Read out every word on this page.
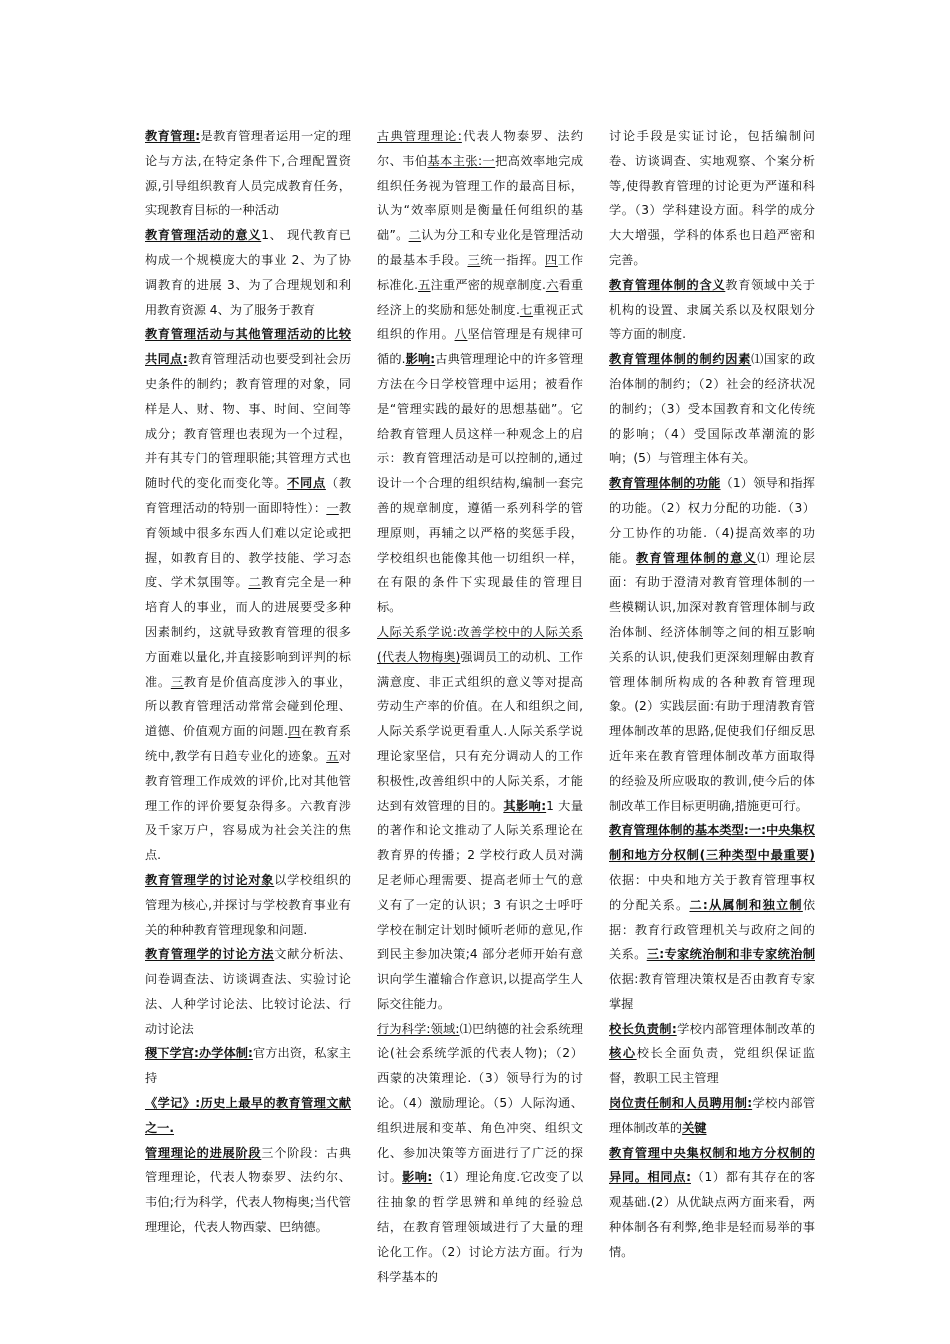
教育管理:是教育管理者运用一定的理论与方法,在特定条件下,合理配置资源,引导组织教育人员完成教育任务，实现教育目标的一种活动

教育管理活动的意义1、 现代教育已构成一个规模庞大的事业 2、为了协调教育的进展 3、为了合理规划和利用教育资源 4、为了服务于教育

教育管理活动与其他管理活动的比较共同点:教育管理活动也要受到社会历史条件的制约；教育管理的对象，同样是人、财、物、事、时间、空间等成分；教育管理也表现为一个过程，并有其专门的管理职能;其管理方式也随时代的变化而变化等。不同点（教育管理活动的特别一面即特性）：一教育领域中很多东西人们难以定论或把握，如教育目的、教学技能、学习态度、学术氛围等。二教育完全是一种培育人的事业，而人的进展要受多种因素制约，这就导致教育管理的很多方面难以量化,并直接影响到评判的标准。三教育是价值高度涉入的事业，所以教育管理活动常常会碰到伦理、道德、价值观方面的问题.四在教育系统中,教学有日趋专业化的迹象。五对教育管理工作成效的评价,比对其他管理工作的评价要复杂得多。六教育涉及千家万户，容易成为社会关注的焦点.

教育管理学的讨论对象以学校组织的管理为核心,并探讨与学校教育事业有关的种种教育管理现象和问题.

教育管理学的讨论方法文献分析法、问卷调查法、访谈调查法、实验讨论法、人种学讨论法、比较讨论法、行动讨论法

稷下学宫:办学体制:官方出资，私家主持

《学记》:历史上最早的教育管理文献之一.

管理理论的进展阶段三个阶段：古典管理理论，代表人物泰罗、法约尔、韦伯;行为科学，代表人物梅奥;当代管理理论，代表人物西蒙、巴纳德。

古典管理理论:代表人物泰罗、法约尔、韦伯基本主张:一把高效率地完成组织任务视为管理工作的最高目标，认为“效率原则是衡量任何组织的基础”。二认为分工和专业化是管理活动的最基本手段。三统一指挥。四工作标准化.五注重严密的规章制度.六看重经济上的奖励和惩处制度.七重视正式组织的作用。八坚信管理是有规律可循的.影响:古典管理理论中的许多管理方法在今日学校管理中运用；被看作是“管理实践的最好的思想基础”。它给教育管理人员这样一种观念上的启示：教育管理活动是可以控制的,通过设计一个合理的组织结构,编制一套完善的规章制度，遵循一系列科学的管理原则，再辅之以严格的奖惩手段，学校组织也能像其他一切组织一样，在有限的条件下实现最佳的管理目标。

人际关系学说:改善学校中的人际关系(代表人物梅奥)强调员工的动机、工作满意度、非正式组织的意义等对提高劳动生产率的价值。在人和组织之间,人际关系学说更看重人.人际关系学说理论家坚信，只有充分调动人的工作积极性,改善组织中的人际关系，才能达到有效管理的目的。其影响:1 大量的著作和论文推动了人际关系理论在教育界的传播；2 学校行政人员对满足老师心理需要、提高老师士气的意义有了一定的认识；3 有识之士呼吁学校在制定计划时倾听老师的意见,作到民主参加决策;4 部分老师开始有意识向学生灌输合作意识,以提高学生人际交往能力。

行为科学:领域:⑴巴纳德的社会系统理论(社会系统学派的代表人物)；（2）西蒙的决策理论.（3）领导行为的讨论。（4）激励理论。（5）人际沟通、组织进展和变革、角色冲突、组织文化、参加决策等方面进行了广泛的探讨。影响:（1）理论角度.它改变了以往抽象的哲学思辨和单纯的经验总结，在教育管理领域进行了大量的理论化工作。（2）讨论方法方面。行为科学基本的

讨论手段是实证讨论，包括编制问卷、访谈调查、实地观察、个案分析等,使得教育管理的讨论更为严谨和科学。（3）学科建设方面。科学的成分大大增强，学科的体系也日趋严密和完善。

教育管理体制的含义教育领域中关于机构的设置、隶属关系以及权限划分等方面的制度.

教育管理体制的制约因素⑴国家的政治体制的制约；（2）社会的经济状况的制约；（3）受本国教育和文化传统的影响；（4）受国际改革潮流的影响；(5）与管理主体有关。

教育管理体制的功能（1）领导和指挥的功能。（2）权力分配的功能.（3）分工协作的功能.（4)提高效率的功能。教育管理体制的意义⑴ 理论层面：有助于澄清对教育管理体制的一些模糊认识,加深对教育管理体制与政治体制、经济体制等之间的相互影响关系的认识,使我们更深刻理解由教育管理体制所构成的各种教育管理现象。(2）实践层面:有助于理清教育管理体制改革的思路,促使我们仔细反思近年来在教育管理体制改革方面取得的经验及所应吸取的教训,使今后的体制改革工作目标更明确,措施更可行。

教育管理体制的基本类型:一:中央集权制和地方分权制(三种类型中最重要)依据：中央和地方关于教育管理事权的分配关系。二:从属制和独立制依据：教育行政管理机关与政府之间的关系。三:专家统治制和非专家统治制依据:教育管理决策权是否由教育专家掌握

校长负责制:学校内部管理体制改革的核心校长全面负责，党组织保证监督，教职工民主管理

岗位责任制和人员聘用制:学校内部管理体制改革的关键

教育管理中央集权制和地方分权制的异同。相同点:（1）都有其存在的客观基础.(2）从优缺点两方面来看，两种体制各有利弊,绝非是轻而易举的事情。
